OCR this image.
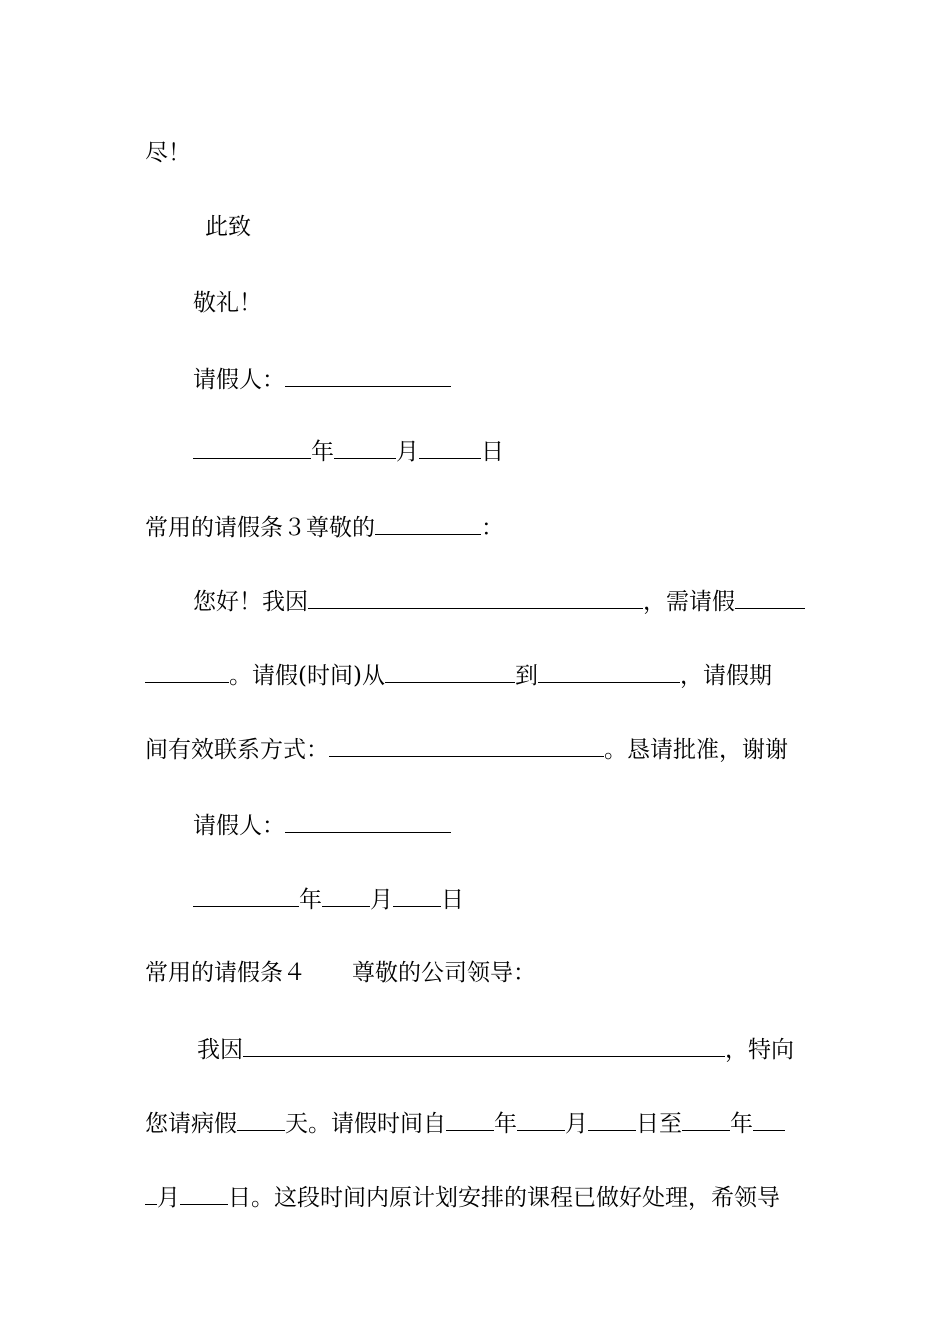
尽！
此致
敬礼！
请假人：
年	月	日
常用的请假条３尊敬的	：
您好！我因	，需请假
。请假(时间)从	到	，请假期
间有效联系方式：	。恳请批准，谢谢
请假人：
年 月 日
常用的请假条４　　尊敬的公司领导：
我因	，特向
您请病假 天。请假时间自 年 月 日至 年
月 日。这段时间内原计划安排的课程已做好处理，希领导
